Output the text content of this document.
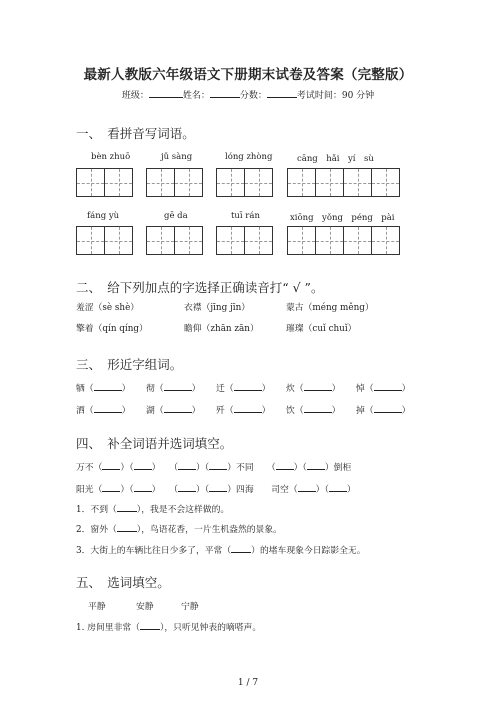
最新人教版六年级语文下册期末试卷及答案（完整版）
班级：	姓名：	分数：	考试时间：90 分钟
一、　看拼音写词语。
bèn zhuō	jǔ sàng	lóng zhòng	cāng　hǎi　yí　sù
fáng yù	gē da	tuī rán	xiōng　yǒng　péng　pài
二、　给下列加点的字选择正确读音打“ √ ”。
羞涩（sè shè）	衣襟（jīng jīn）	蒙古（méng měng）
擎着（qín qíng）	瞻仰（zhān zān）	璀璨（cuǐ chuǐ）
三、　形近字组词。
牺（	） 彻（	） 迁（	） 炊（	） 悼（	）
洒（	） 湖（	） 歼（	） 饮（	） 掉（	）
四、　补全词语并选词填空。
万不（ ）（ ）　　（ ）（ ）不同　　（ ）（ ）倒柜
阳光（ ）（ ）　　（ ）（ ）四海　　 司空（ ）（ ）
1．不到（ ），我是不会这样做的。
2．窗外（ ），鸟语花香，一片生机盎然的景象。
3．大街上的车辆比往日少多了，平常（ ）的堵车现象今日踪影全无。
五、　选词填空。
平静	安静	宁静
1. 房间里非常（ ），只听见钟表的嘀嗒声。
1 / 7
